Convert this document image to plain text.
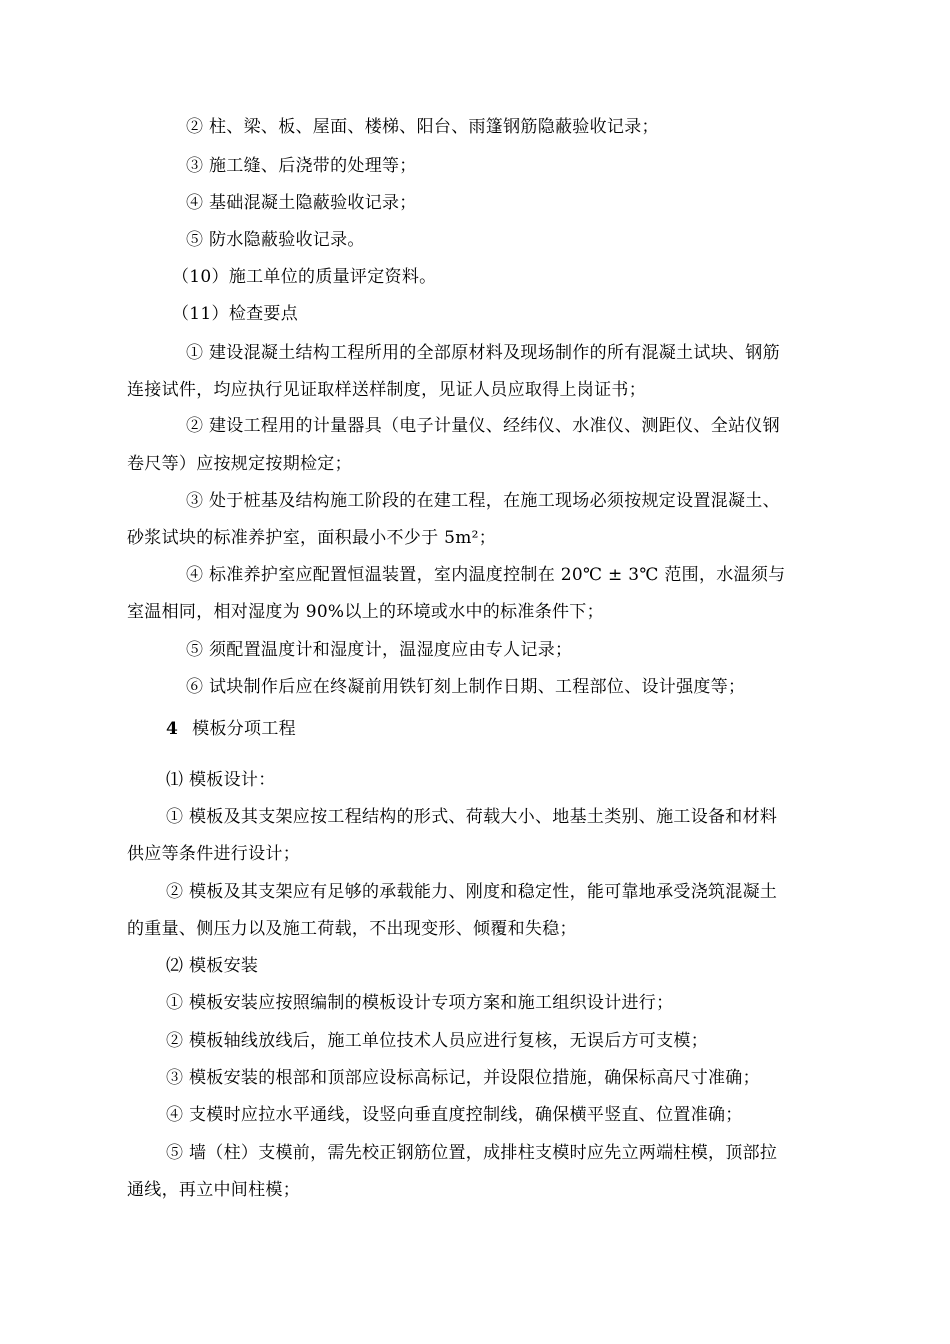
② 柱、梁、板、屋面、楼梯、阳台、雨篷钢筋隐蔽验收记录；
③ 施工缝、后浇带的处理等；
④ 基础混凝土隐蔽验收记录；
⑤ 防水隐蔽验收记录。
（10）施工单位的质量评定资料。
（11）检查要点
① 建设混凝土结构工程所用的全部原材料及现场制作的所有混凝土试块、钢筋
连接试件，均应执行见证取样送样制度，见证人员应取得上岗证书；
② 建设工程用的计量器具（电子计量仪、经纬仪、水准仪、测距仪、全站仪钢
卷尺等）应按规定按期检定；
③ 处于桩基及结构施工阶段的在建工程，在施工现场必须按规定设置混凝土、
砂浆试块的标准养护室，面积最小不少于 5m²；
④ 标准养护室应配置恒温装置，室内温度控制在 20℃ ± 3℃ 范围，水温须与
室温相同，相对湿度为 90%以上的环境或水中的标准条件下；
⑤ 须配置温度计和湿度计，温湿度应由专人记录；
⑥ 试块制作后应在终凝前用铁钉刻上制作日期、工程部位、设计强度等；
4 模板分项工程
⑴ 模板设计：
① 模板及其支架应按工程结构的形式、荷载大小、地基土类别、施工设备和材料
供应等条件进行设计；
② 模板及其支架应有足够的承载能力、刚度和稳定性，能可靠地承受浇筑混凝土
的重量、侧压力以及施工荷载，不出现变形、倾覆和失稳；
⑵ 模板安装
① 模板安装应按照编制的模板设计专项方案和施工组织设计进行；
② 模板轴线放线后，施工单位技术人员应进行复核，无误后方可支模；
③ 模板安装的根部和顶部应设标高标记，并设限位措施，确保标高尺寸准确；
④ 支模时应拉水平通线，设竖向垂直度控制线，确保横平竖直、位置准确；
⑤ 墙（柱）支模前，需先校正钢筋位置，成排柱支模时应先立两端柱模，顶部拉
通线，再立中间柱模；
